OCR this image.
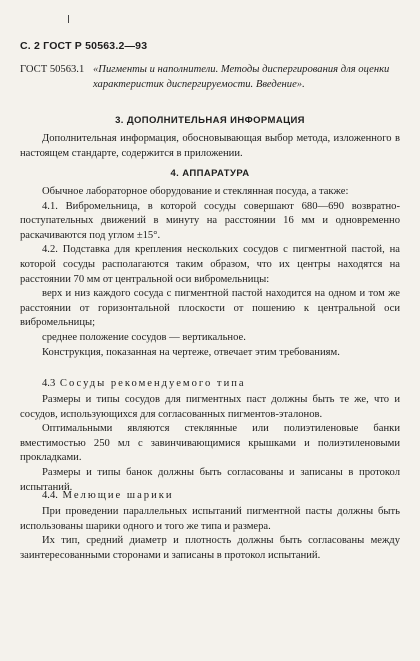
С. 2 ГОСТ Р 50563.2—93
ГОСТ 50563.1 «Пигменты и наполнители. Методы диспергирования для оценки характеристик диспергируемости. Введение».
3. ДОПОЛНИТЕЛЬНАЯ ИНФОРМАЦИЯ

Дополнительная информация, обосновывающая выбор метода, изложенного в настоящем стандарте, содержится в приложении.

4. АППАРАТУРА

Обычное лабораторное оборудование и стеклянная посуда, а также:

4.1. Вибромельница, в которой сосуды совершают 680—690 возвратно-поступательных движений в минуту на расстоянии 16 мм и одновременно раскачиваются под углом ±15°.

4.2. Подставка для крепления нескольких сосудов с пигментной пастой, на которой сосуды располагаются таким образом, что их центры находятся на расстоянии 70 мм от центральной оси вибромельницы:

верх и низ каждого сосуда с пигментной пастой находится на одном и том же расстоянии от горизонтальной плоскости от пошению к центральной оси вибромельницы;

среднее положение сосудов — вертикальное.

Конструкция, показанная на чертеже, отвечает этим требованиям.

4.3 Сосуды рекомендуемого типа

Размеры и типы сосудов для пигментных паст должны быть те же, что и сосудов, использующихся для согласованных пигментов-эталонов.

Оптимальными являются стеклянные или полиэтиленовые банки вместимостью 250 мл с завинчивающимися крышками и полиэтиленовыми прокладками.

Размеры и типы банок должны быть согласованы и записаны в протокол испытаний.

4.4. Мелющие шарики

При проведении параллельных испытаний пигментной пасты должны быть использованы шарики одного и того же типа и размера.

Их тип, средний диаметр и плотность должны быть согласованы между заинтересованными сторонами и записаны в протокол испытаний.
